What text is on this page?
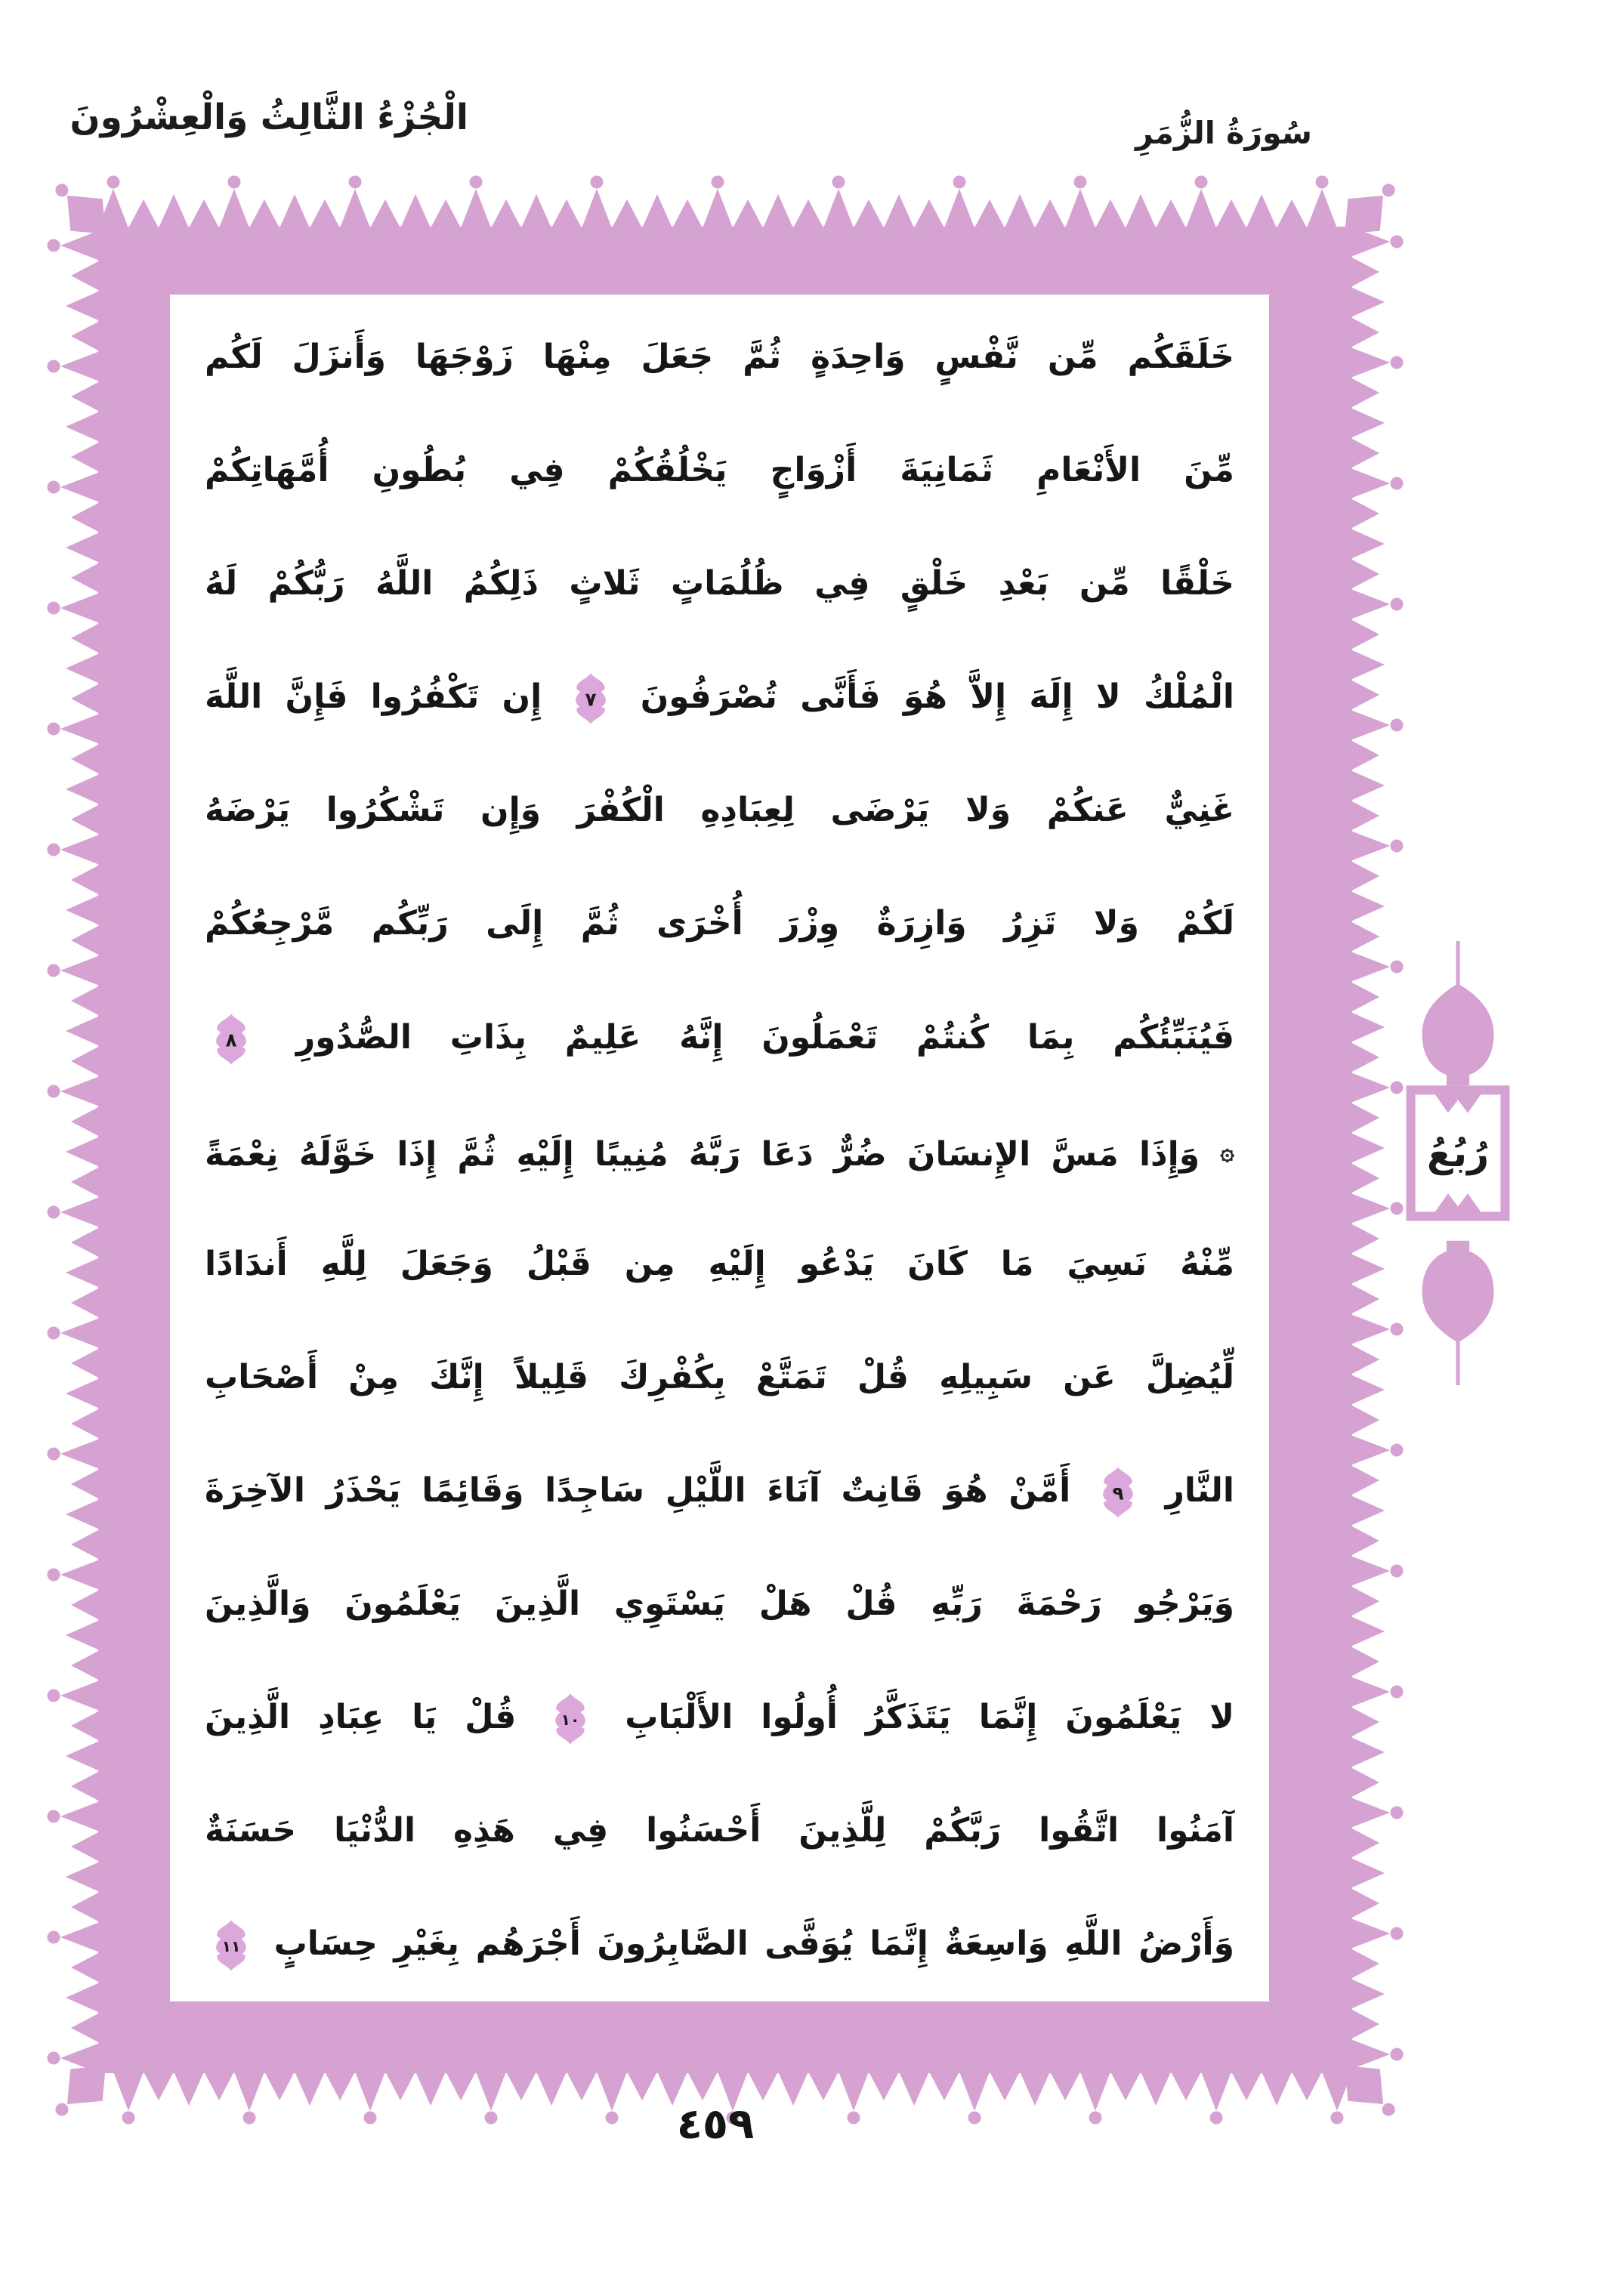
الْجُزْءُ الثَّالِثُ وَالْعِشْرُونَ	سُورَةُ الزُّمَرِ
خَلَقَكُم مِّن نَّفْسٍ وَاحِدَةٍ ثُمَّ جَعَلَ مِنْهَا زَوْجَهَا وَأَنزَلَ لَكُم
مِّنَ الأَنْعَامِ ثَمَانِيَةَ أَزْوَاجٍ يَخْلُقُكُمْ فِي بُطُونِ أُمَّهَاتِكُمْ
خَلْقًا مِّن بَعْدِ خَلْقٍ فِي ظُلُمَاتٍ ثَلاثٍ ذَلِكُمُ اللَّهُ رَبُّكُمْ لَهُ
الْمُلْكُ لا إِلَهَ إِلاَّ هُوَ فَأَنَّى تُصْرَفُونَ
٧
إِن تَكْفُرُوا فَإِنَّ اللَّهَ
غَنِيٌّ عَنكُمْ وَلا يَرْضَى لِعِبَادِهِ الْكُفْرَ وَإِن تَشْكُرُوا يَرْضَهُ
لَكُمْ وَلا تَزِرُ وَازِرَةٌ وِزْرَ أُخْرَى ثُمَّ إِلَى رَبِّكُم مَّرْجِعُكُمْ
فَيُنَبِّئُكُم بِمَا كُنتُمْ تَعْمَلُونَ إِنَّهُ عَلِيمٌ بِذَاتِ الصُّدُورِ
٨
۞ وَإِذَا مَسَّ الإِنسَانَ ضُرٌّ دَعَا رَبَّهُ مُنِيبًا إِلَيْهِ ثُمَّ إِذَا خَوَّلَهُ نِعْمَةً
مِّنْهُ نَسِيَ مَا كَانَ يَدْعُو إِلَيْهِ مِن قَبْلُ وَجَعَلَ لِلَّهِ أَندَادًا
لِّيُضِلَّ عَن سَبِيلِهِ قُلْ تَمَتَّعْ بِكُفْرِكَ قَلِيلاً إِنَّكَ مِنْ أَصْحَابِ
النَّارِ
٩
أَمَّنْ هُوَ قَانِتٌ آنَاءَ اللَّيْلِ سَاجِدًا وَقَائِمًا يَحْذَرُ الآخِرَةَ
وَيَرْجُو رَحْمَةَ رَبِّهِ قُلْ هَلْ يَسْتَوِي الَّذِينَ يَعْلَمُونَ وَالَّذِينَ
لا يَعْلَمُونَ إِنَّمَا يَتَذَكَّرُ أُولُوا الأَلْبَابِ
١٠
قُلْ يَا عِبَادِ الَّذِينَ
آمَنُوا اتَّقُوا رَبَّكُمْ لِلَّذِينَ أَحْسَنُوا فِي هَذِهِ الدُّنْيَا حَسَنَةٌ
وَأَرْضُ اللَّهِ وَاسِعَةٌ إِنَّمَا يُوَفَّى الصَّابِرُونَ أَجْرَهُم بِغَيْرِ حِسَابٍ
١١
رُبُعُ
٤٥٩
